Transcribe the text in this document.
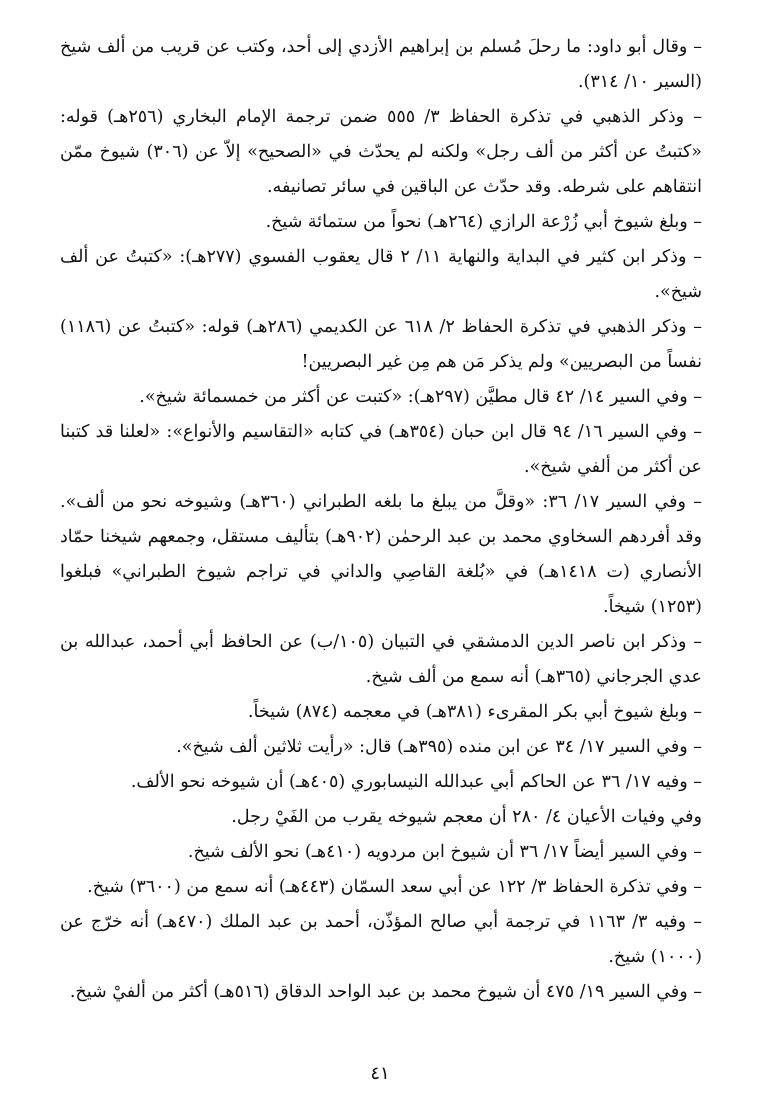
– وقال أبو داود: ما رحلَ مُسلم بن إبراهيم الأزدي إلى أحد، وكتب عن قريب من ألف شيخ (السير ١٠/ ٣١٤).

– وذكر الذهبي في تذكرة الحفاظ ٣/ ٥٥٥ ضمن ترجمة الإمام البخاري (٢٥٦هـ) قوله: «كتبتُ عن أكثر من ألف رجل» ولكنه لم يحدّث في «الصحيح» إلاّ عن (٣٠٦) شيوخ ممّن انتقاهم على شرطه. وقد حدّث عن الباقين في سائر تصانيفه.

– وبلغ شيوخ أبي زُرْعة الرازي (٢٦٤هـ) نحواً من ستمائة شيخ.

– وذكر ابن كثير في البداية والنهاية ١١/ ٢ قال يعقوب الفسوي (٢٧٧هـ): «كتبتُ عن ألف شيخ».

– وذكر الذهبي في تذكرة الحفاظ ٢/ ٦١٨ عن الكديمي (٢٨٦هـ) قوله: «كتبتُ عن (١١٨٦) نفساً من البصريين» ولم يذكر مَن هم مِن غير البصريين!

– وفي السير ١٤/ ٤٢ قال مطيَّن (٢٩٧هـ): «كتبت عن أكثر من خمسمائة شيخ».

– وفي السير ١٦/ ٩٤ قال ابن حبان (٣٥٤هـ) في كتابه «التقاسيم والأنواع»: «لعلنا قد كتبنا عن أكثر من ألفي شيخ».

– وفي السير ١٧/ ٣٦: «وقلَّ من يبلغ ما بلغه الطبراني (٣٦٠هـ) وشيوخه نحو من ألف». وقد أفردهم السخاوي محمد بن عبد الرحمٰن (٩٠٢هـ) بتأليف مستقل، وجمعهم شيخنا حمّاد الأنصاري (ت ١٤١٨هـ) في «بُلغة القاصِي والداني في تراجم شيوخ الطبراني» فبلغوا (١٢٥٣) شيخاً.

– وذكر ابن ناصر الدين الدمشقي في التبيان (١٠٥/ب) عن الحافظ أبي أحمد، عبدالله بن عدي الجرجاني (٣٦٥هـ) أنه سمع من ألف شيخ.

– وبلغ شيوخ أبي بكر المقرىء (٣٨١هـ) في معجمه (٨٧٤) شيخاً.

– وفي السير ١٧/ ٣٤ عن ابن منده (٣٩٥هـ) قال: «رأيت ثلاثين ألف شيخ».

– وفيه ١٧/ ٣٦ عن الحاكم أبي عبدالله النيسابوري (٤٠٥هـ) أن شيوخه نحو الألف.

وفي وفيات الأعيان ٤/ ٢٨٠ أن معجم شيوخه يقرب من الفَيْ رجل.

– وفي السير أيضاً ١٧/ ٣٦ أن شيوخ ابن مردويه (٤١٠هـ) نحو الألف شيخ.

– وفي تذكرة الحفاظ ٣/ ١٢٢ عن أبي سعد السمّان (٤٤٣هـ) أنه سمع من (٣٦٠٠) شيخ.

– وفيه ٣/ ١١٦٣ في ترجمة أبي صالح المؤذّن، أحمد بن عبد الملك (٤٧٠هـ) أنه خرّج عن (١٠٠٠) شيخ.

– وفي السير ١٩/ ٤٧٥ أن شيوخ محمد بن عبد الواحد الدقاق (٥١٦هـ) أكثر من ألفيْ شيخ.

٤١
